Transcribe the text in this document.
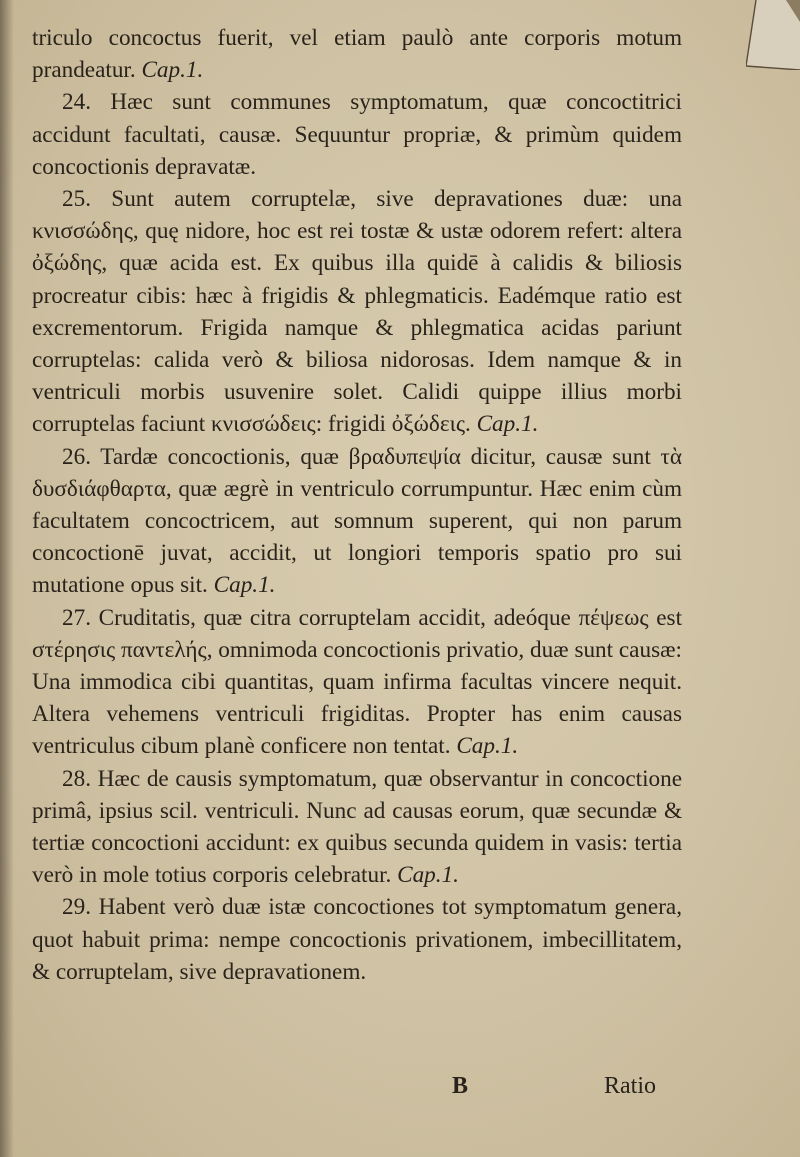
triculo concoctus fuerit, vel etiam paulò ante corporis motum prandeatur. Cap.1.

24. Hæc sunt communes symptomatum, quæ concoctitrici accidunt facultati, causæ. Sequuntur propriæ, & primùm quidem concoctionis depravatæ.

25. Sunt autem corruptelæ, sive depravationes duæ: una κνισσώδης, quę nidore, hoc est rei tostæ & ustæ odorem refert: altera ὀξώδης, quæ acida est. Ex quibus illa quidē à calidis & biliosis procreatur cibis: hæc à frigidis & phlegmaticis. Eadémque ratio est excrementorum. Frigida namque & phlegmatica acidas pariunt corruptelas: calida verò & biliosa nidorosas. Idem namque & in ventriculi morbis usuvenire solet. Calidi quippe illius morbi corruptelas faciunt κνισσώδεις: frigidi ὀξώδεις. Cap.1.

26. Tardæ concoctionis, quæ βραδυπεψία dicitur, causæ sunt τὰ δυσδιάφθαρτα, quæ ægrè in ventriculo corrumpuntur. Hæc enim cùm facultatem concoctricem, aut somnum superent, qui non parum concoctionē juvat, accidit, ut longiori temporis spatio pro sui mutatione opus sit. Cap.1.

27. Cruditatis, quæ citra corruptelam accidit, adeóque πέψεως est στέρησις παντελής, omnimoda concoctionis privatio, duæ sunt causæ: Una immodica cibi quantitas, quam infirma facultas vincere nequit. Altera vehemens ventriculi frigiditas. Propter has enim causas ventriculus cibum planè conficere non tentat. Cap.1.

28. Hæc de causis symptomatum, quæ observantur in concoctione primâ, ipsius scil. ventriculi. Nunc ad causas eorum, quæ secundæ & tertiæ concoctioni accidunt: ex quibus secunda quidem in vasis: tertia verò in mole totius corporis celebratur. Cap.1.

29. Habent verò duæ istæ concoctiones tot symptomatum genera, quot habuit prima: nempe concoctionis privationem, imbecillitatem, & corruptelam, sive depravationem.

B	Ratio
